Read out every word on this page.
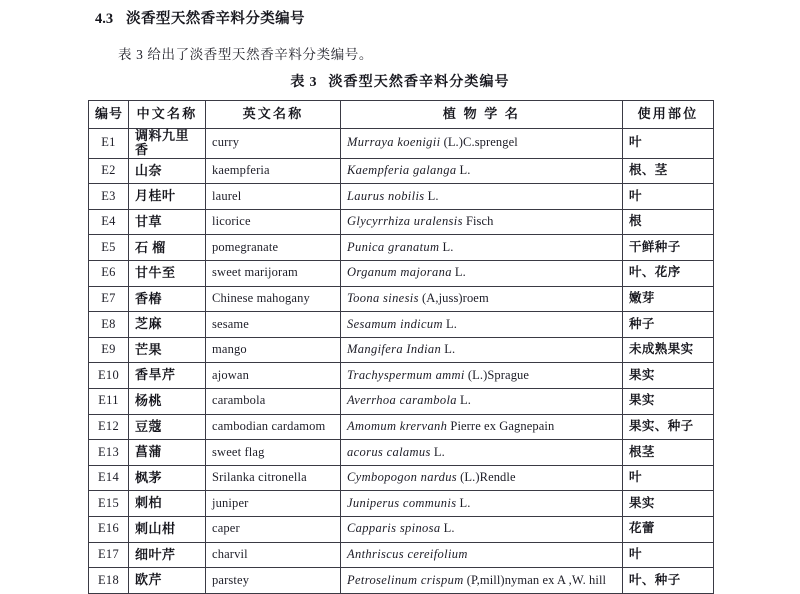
4.3 淡香型天然香辛料分类编号
表 3 给出了淡香型天然香辛料分类编号。
表 3 淡香型天然香辛料分类编号
编号	中文名称	英文名称	植 物 学 名	使用部位
E1	调料九里香	curry	Murraya koenigii (L.)C.sprengel	叶
E2	山奈	kaempferia	Kaempferia galanga L.	根、茎
E3	月桂叶	laurel	Laurus nobilis L.	叶
E4	甘草	licorice	Glycyrrhiza uralensis Fisch	根
E5	石 榴	pomegranate	Punica granatum L.	干鲜种子
E6	甘牛至	sweet marijoram	Organum majorana L.	叶、花序
E7	香椿	Chinese mahogany	Toona sinesis (A,juss)roem	嫩芽
E8	芝麻	sesame	Sesamum indicum L.	种子
E9	芒果	mango	Mangifera Indian L.	未成熟果实
E10	香旱芹	ajowan	Trachyspermum ammi (L.)Sprague	果实
E11	杨桃	carambola	Averrhoa carambola L.	果实
E12	豆蔻	cambodian cardamom	Amomum krervanh Pierre ex Gagnepain	果实、种子
E13	菖蒲	sweet flag	acorus calamus L.	根茎
E14	枫茅	Srilanka citronella	Cymbopogon nardus (L.)Rendle	叶
E15	刺柏	juniper	Juniperus communis L.	果实
E16	刺山柑	caper	Capparis spinosa L.	花蕾
E17	细叶芹	charvil	Anthriscus cereifolium	叶
E18	欧芹	parstey	Petroselinum crispum (P,mill)nyman ex A ,W. hill	叶、种子
